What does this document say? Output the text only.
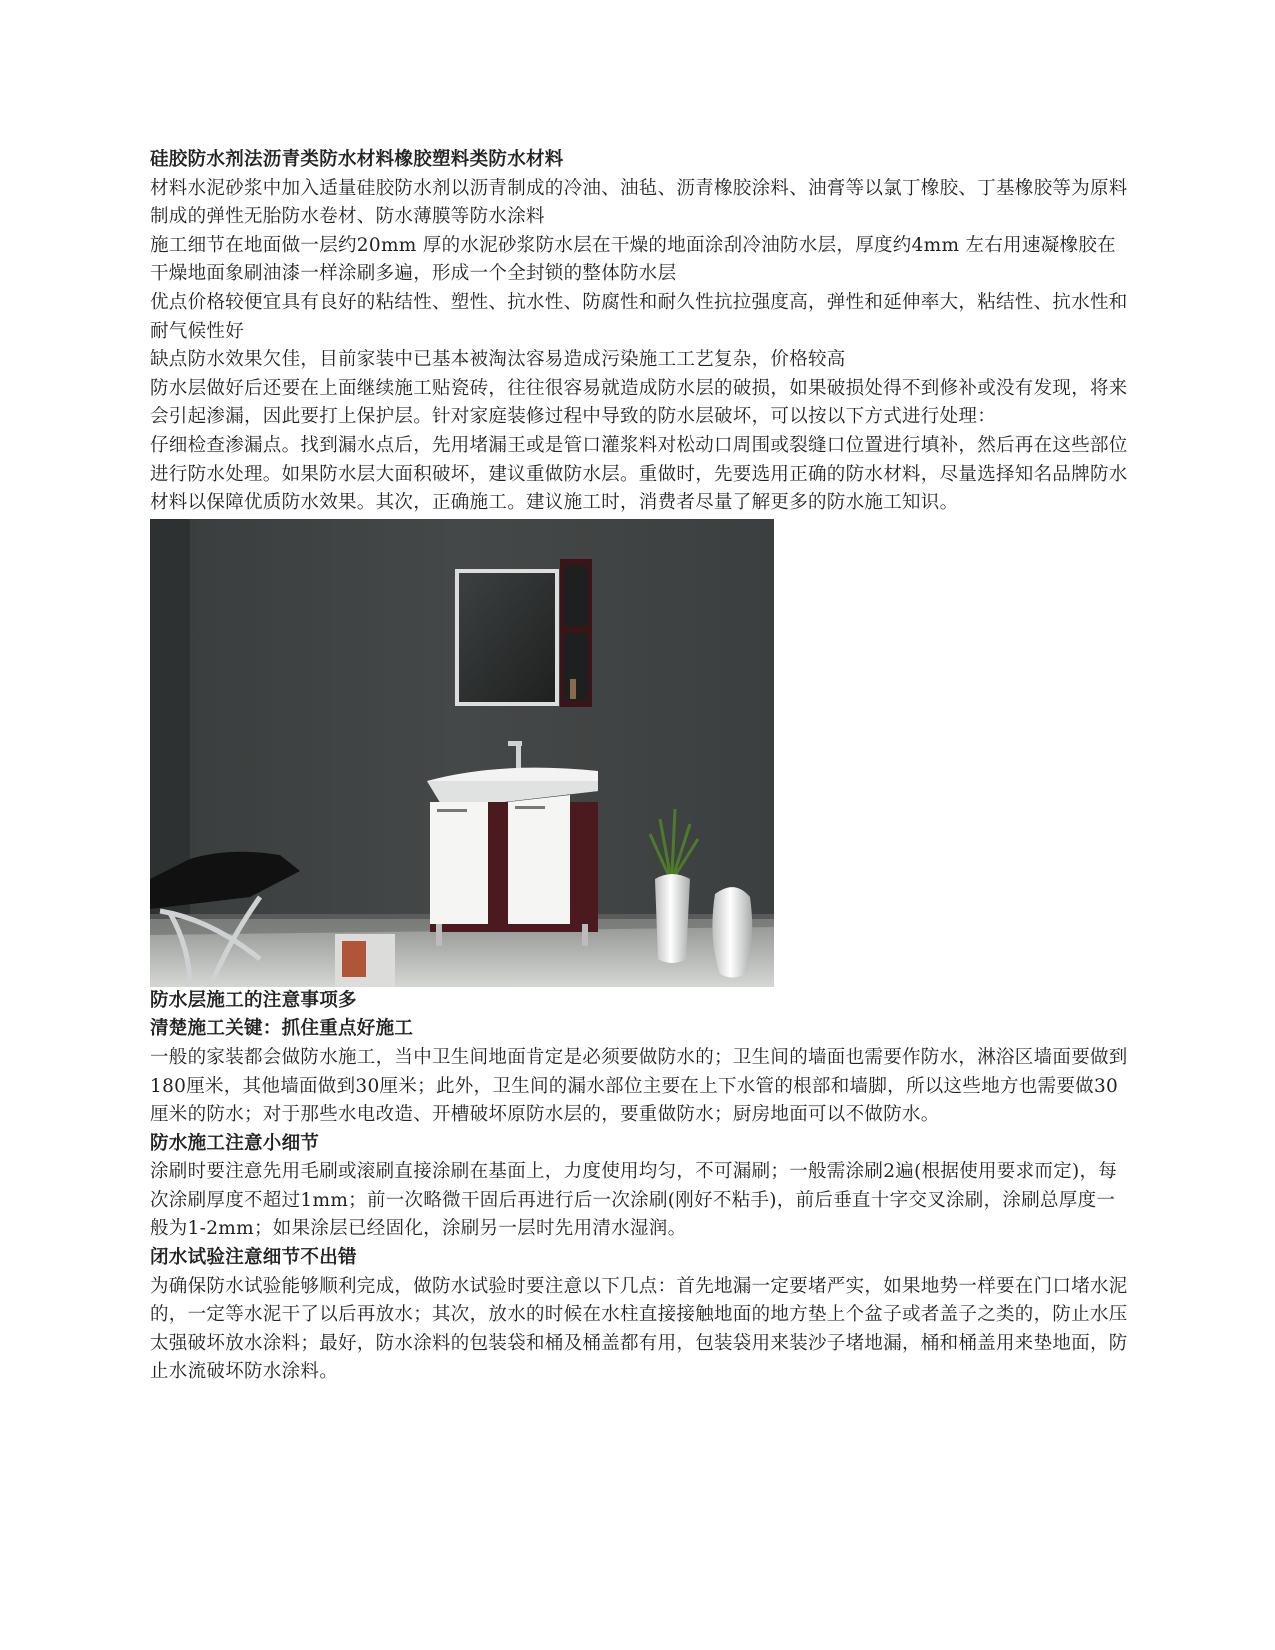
硅胶防水剂法沥青类防水材料橡胶塑料类防水材料

材料水泥砂浆中加入适量硅胶防水剂以沥青制成的冷油、油毡、沥青橡胶涂料、油膏等以氯丁橡胶、丁基橡胶等为原料制成的弹性无胎防水卷材、防水薄膜等防水涂料

施工细节在地面做一层约20mm 厚的水泥砂浆防水层在干燥的地面涂刮冷油防水层，厚度约4mm 左右用速凝橡胶在干燥地面象刷油漆一样涂刷多遍，形成一个全封锁的整体防水层

优点价格较便宜具有良好的粘结性、塑性、抗水性、防腐性和耐久性抗拉强度高，弹性和延伸率大，粘结性、抗水性和耐气候性好

缺点防水效果欠佳，目前家装中已基本被淘汰容易造成污染施工工艺复杂，价格较高

防水层做好后还要在上面继续施工贴瓷砖，往往很容易就造成防水层的破损，如果破损处得不到修补或没有发现，将来会引起渗漏，因此要打上保护层。针对家庭装修过程中导致的防水层破坏，可以按以下方式进行处理：

仔细检查渗漏点。找到漏水点后，先用堵漏王或是管口灌浆料对松动口周围或裂缝口位置进行填补，然后再在这些部位进行防水处理。如果防水层大面积破坏，建议重做防水层。重做时，先要选用正确的防水材料，尽量选择知名品牌防水材料以保障优质防水效果。其次，正确施工。建议施工时，消费者尽量了解更多的防水施工知识。

防水层施工的注意事项多

清楚施工关键：抓住重点好施工

一般的家装都会做防水施工，当中卫生间地面肯定是必须要做防水的；卫生间的墙面也需要作防水，淋浴区墙面要做到180厘米，其他墙面做到30厘米；此外，卫生间的漏水部位主要在上下水管的根部和墙脚，所以这些地方也需要做30厘米的防水；对于那些水电改造、开槽破坏原防水层的，要重做防水；厨房地面可以不做防水。

防水施工注意小细节

涂刷时要注意先用毛刷或滚刷直接涂刷在基面上，力度使用均匀，不可漏刷；一般需涂刷2遍(根据使用要求而定)，每次涂刷厚度不超过1mm；前一次略微干固后再进行后一次涂刷(刚好不粘手)，前后垂直十字交叉涂刷，涂刷总厚度一般为1-2mm；如果涂层已经固化，涂刷另一层时先用清水湿润。

闭水试验注意细节不出错

为确保防水试验能够顺利完成，做防水试验时要注意以下几点：首先地漏一定要堵严实，如果地势一样要在门口堵水泥的，一定等水泥干了以后再放水；其次，放水的时候在水柱直接接触地面的地方垫上个盆子或者盖子之类的，防止水压太强破坏放水涂料；最好，防水涂料的包装袋和桶及桶盖都有用，包装袋用来装沙子堵地漏，桶和桶盖用来垫地面，防止水流破坏防水涂料。
